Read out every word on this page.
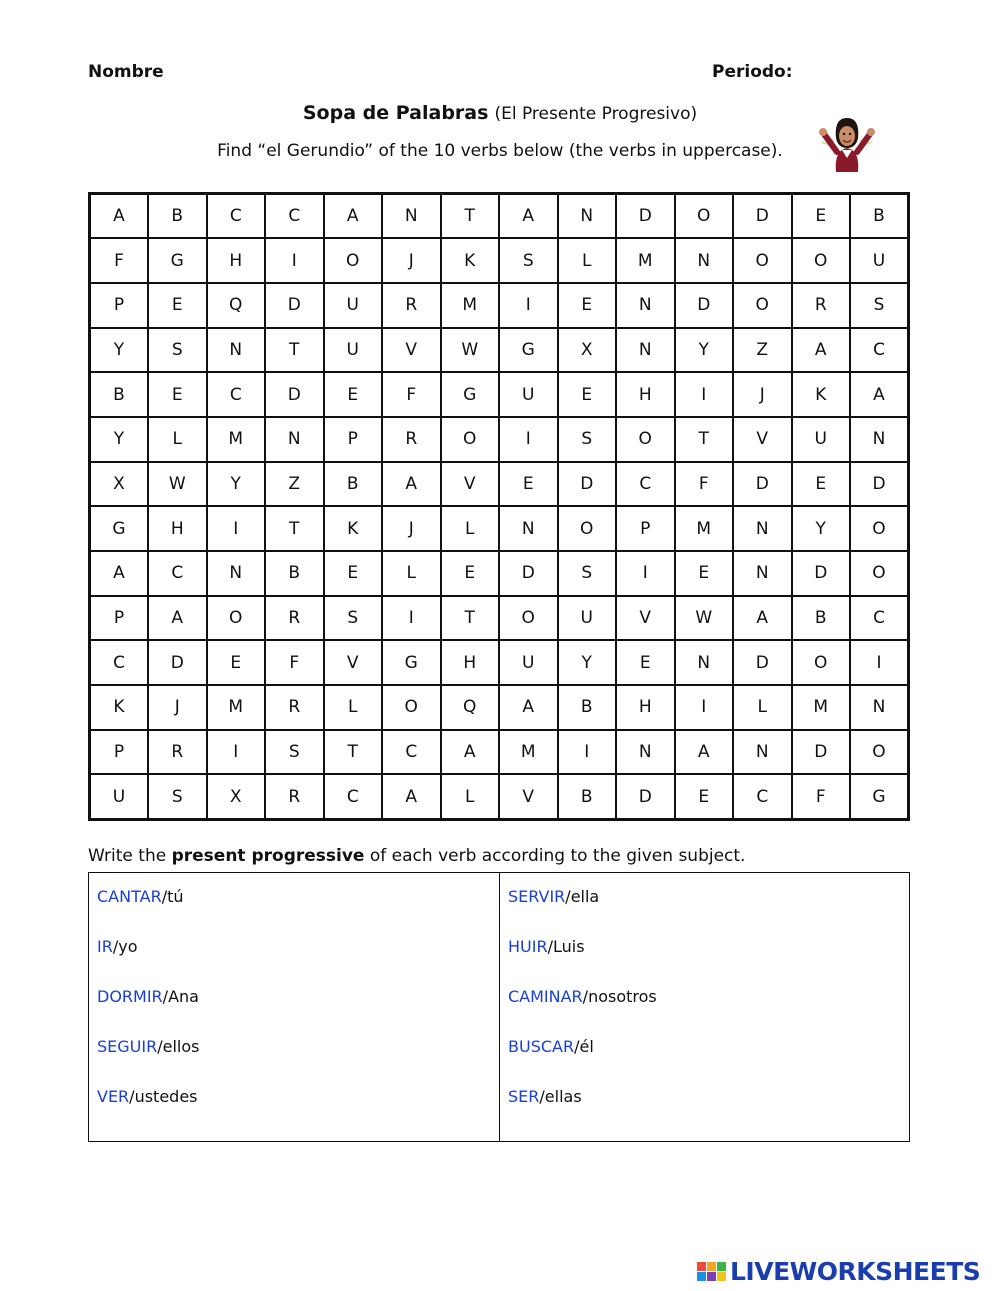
Nombre	Periodo:
Sopa de Palabras (El Presente Progresivo)
Find “el Gerundio” of the 10 verbs below (the verbs in uppercase).
A	B	C	C	A	N	T	A	N	D	O	D	E	B
F	G	H	I	O	J	K	S	L	M	N	O	O	U
P	E	Q	D	U	R	M	I	E	N	D	O	R	S
Y	S	N	T	U	V	W	G	X	N	Y	Z	A	C
B	E	C	D	E	F	G	U	E	H	I	J	K	A
Y	L	M	N	P	R	O	I	S	O	T	V	U	N
X	W	Y	Z	B	A	V	E	D	C	F	D	E	D
G	H	I	T	K	J	L	N	O	P	M	N	Y	O
A	C	N	B	E	L	E	D	S	I	E	N	D	O
P	A	O	R	S	I	T	O	U	V	W	A	B	C
C	D	E	F	V	G	H	U	Y	E	N	D	O	I
K	J	M	R	L	O	Q	A	B	H	I	L	M	N
P	R	I	S	T	C	A	M	I	N	A	N	D	O
U	S	X	R	C	A	L	V	B	D	E	C	F	G
Write the present progressive of each verb according to the given subject.
CANTAR/tú
IR/yo
DORMIR/Ana
SEGUIR/ellos
VER/ustedes
SERVIR/ella
HUIR/Luis
CAMINAR/nosotros
BUSCAR/él
SER/ellas
LIVEWORKSHEETS
